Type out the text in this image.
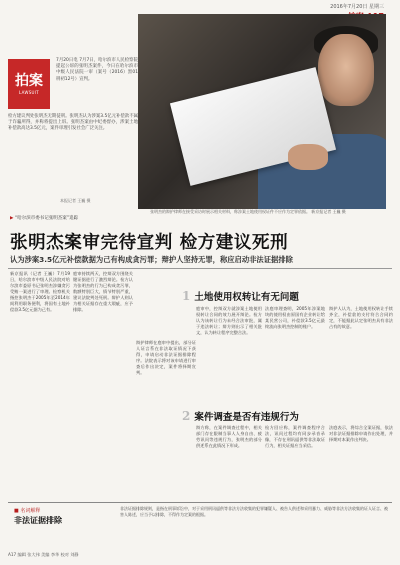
2016年7月20日 星期三
拍案
LAWSUIT
7月20日电 7月7日，哈尔滨市人民检察院提起公诉的张明杰案件，今日在哈尔滨市中级人民法院一审（案号（2016）黑01刑初12号）宣判。
检方建议判处张明杰无期徒刑。张明杰认为涉案3.5亿元补偿款不属于诈骗所得，并称将提出上诉。张明杰案由中纪委督办，涉案土地补偿款高达3.5亿元，案件审理引发社会广泛关注。
本报记者 王巍 摄
张明杰的辩护律师在接受采访时展示相关材料，称涉案土地使用权证件不应作为定罪依据。 新京报记者 王巍 摄
▶ “哈尔滨市委书记张明杰案”追踪
张明杰案审完待宣判 检方建议死刑
认为涉案3.5亿元补偿款据为己有构成贪污罪；辩护人坚持无罪，称应启动非法证据排除
新京报讯（记者 王巍）7月19日，哈尔滨市中级人民法院对哈尔滨市委原书记张明杰涉嫌贪污受贿一案进行了审理。检察机关指控张明杰于2005年至2014年间利用职务便利，将国有土地补偿款3.5亿元据为己有。
庭审持续两天，控辩双方围绕关键证据进行了激烈辩论。检方认为张明杰的行为已构成贪污罪，数额特别巨大，情节特别严重，建议法院判处死刑。辩护人则认为相关证据存在重大瑕疵，应予排除。
辩护律师在庭审中提出，部分证人证言系在非法取证情况下获得，申请启动非法证据排除程序。法院表示将对该申请进行审查后作出决定，案件将择期宣判。
1 土地使用权转让有无问题
庭审中，控辩双方就涉案土地使用权转让合同的效力展开辩论。检方认为该转让行为未经合法审批，属于违法转让；辩方则出示了相关批文，认为转让程序完整合法。
法庭审理查明，2005年涉案地块的使用权由原国有企业转让给某民营公司，补偿款3.5亿元最终流向张明杰控制的账户。
辩护人认为，土地使用权转让手续齐全，补偿款的支付符合合同约定，不能据此认定张明杰具有非法占有的故意。
2 案件调查是否有违规行为
辩方称，在案件调查过程中，相关部门存在限制当事人人身自由、疲劳讯问等违规行为，张明杰的部分供述系在此情况下形成。
检方回应称，案件调查程序合法，讯问过程均有同步录音录像，不存在刑讯逼供等非法取证行为，相关证据应当采信。
法庭表示，将综合全案证据，依法对非法证据排除申请作出处理，并择期对本案作出判决。
■ 名词解释
非法证据排除
非法证据排除规则，是指在刑事诉讼中，对于采用刑讯逼供等非法方法收集的犯罪嫌疑人、被告人供述和采用暴力、威胁等非法方法收集的证人证言、被害人陈述，应当予以排除，不得作为定案的根据。
A17 编辑 张大伟 美编 李华 校对 刘静
